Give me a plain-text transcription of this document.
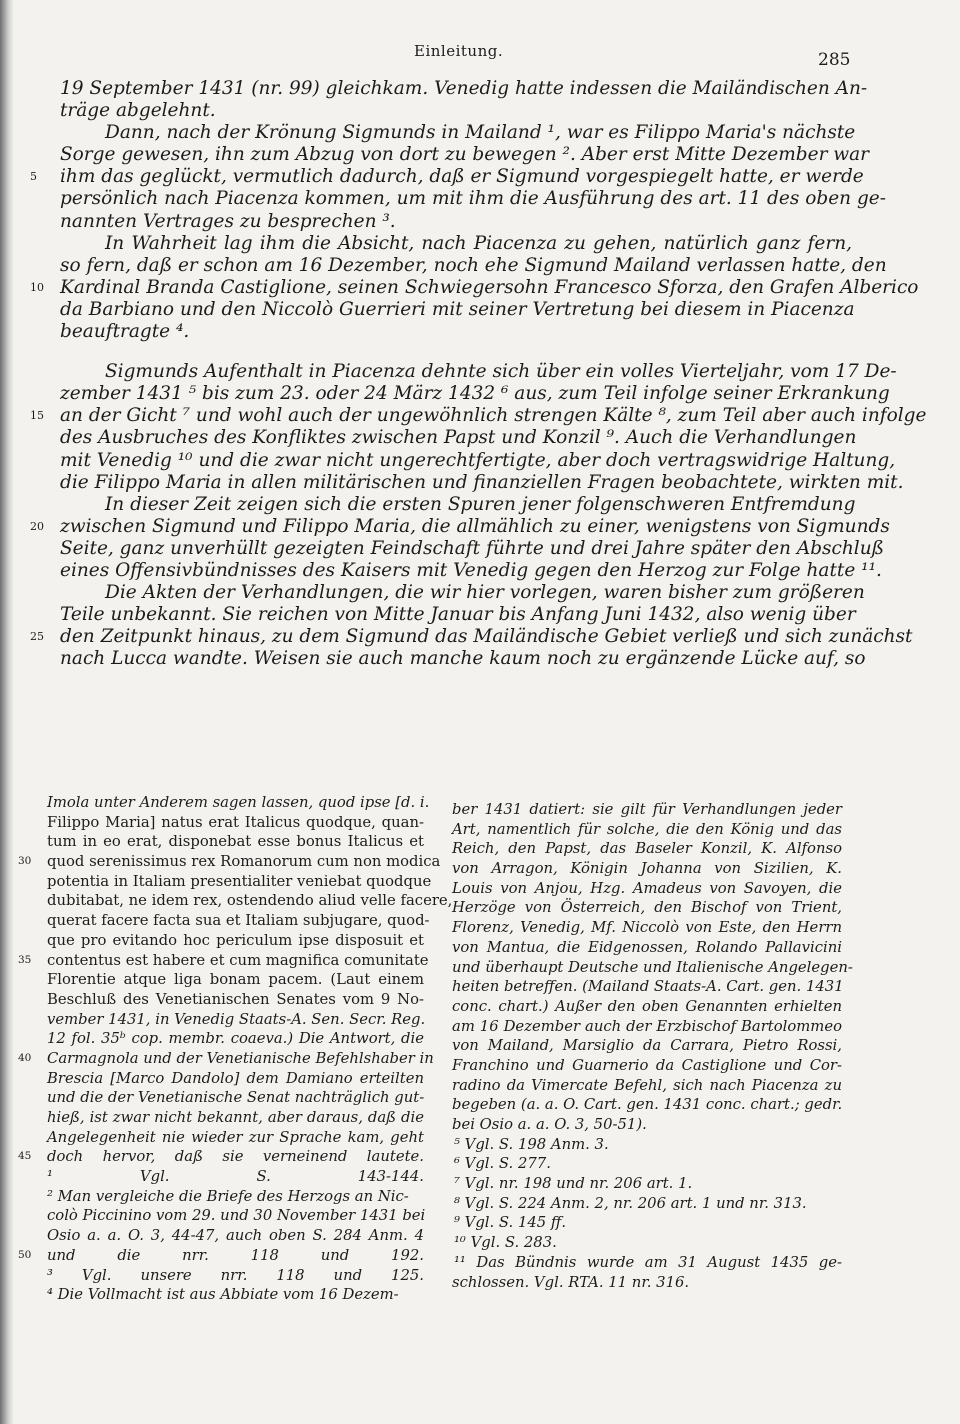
Einleitung.	285
19 September 1431 (nr. 99) gleichkam. Venedig hatte indessen die Mailändischen An-
träge abgelehnt.
Dann, nach der Krönung Sigmunds in Mailand ¹, war es Filippo Maria's nächste
Sorge gewesen, ihn zum Abzug von dort zu bewegen ². Aber erst Mitte Dezember war
5	ihm das geglückt, vermutlich dadurch, daß er Sigmund vorgespiegelt hatte, er werde
persönlich nach Piacenza kommen, um mit ihm die Ausführung des art. 11 des oben ge-
nannten Vertrages zu besprechen ³.
In Wahrheit lag ihm die Absicht, nach Piacenza zu gehen, natürlich ganz fern,
so fern, daß er schon am 16 Dezember, noch ehe Sigmund Mailand verlassen hatte, den
10 Kardinal Branda Castiglione, seinen Schwiegersohn Francesco Sforza, den Grafen Alberico
da Barbiano und den Niccolò Guerrieri mit seiner Vertretung bei diesem in Piacenza
beauftragte ⁴.
Sigmunds Aufenthalt in Piacenza dehnte sich über ein volles Vierteljahr, vom 17 De-
zember 1431 ⁵ bis zum 23. oder 24 März 1432 ⁶ aus, zum Teil infolge seiner Erkrankung
15 an der Gicht ⁷ und wohl auch der ungewöhnlich strengen Kälte ⁸, zum Teil aber auch infolge
des Ausbruches des Konfliktes zwischen Papst und Konzil ⁹. Auch die Verhandlungen
mit Venedig ¹⁰ und die zwar nicht ungerechtfertigte, aber doch vertragswidrige Haltung,
die Filippo Maria in allen militärischen und finanziellen Fragen beobachtete, wirkten mit.
In dieser Zeit zeigen sich die ersten Spuren jener folgenschweren Entfremdung
20 zwischen Sigmund und Filippo Maria, die allmählich zu einer, wenigstens von Sigmunds
Seite, ganz unverhüllt gezeigten Feindschaft führte und drei Jahre später den Abschluß
eines Offensivbündnisses des Kaisers mit Venedig gegen den Herzog zur Folge hatte ¹¹.
Die Akten der Verhandlungen, die wir hier vorlegen, waren bisher zum größeren
Teile unbekannt. Sie reichen von Mitte Januar bis Anfang Juni 1432, also wenig über
25 den Zeitpunkt hinaus, zu dem Sigmund das Mailändische Gebiet verließ und sich zunächst
nach Lucca wandte. Weisen sie auch manche kaum noch zu ergänzende Lücke auf, so
Imola unter Anderem sagen lassen, quod ipse [d. i.
Filippo Maria] natus erat Italicus quodque, quan-
tum in eo erat, disponebat esse bonus Italicus et
30	quod serenissimus rex Romanorum cum non modica
potentia in Italiam presentialiter veniebat quodque
dubitabat, ne idem rex, ostendendo aliud velle facere,
querat facere facta sua et Italiam subjugare, quod-
que pro evitando hoc periculum ipse disposuit et
35	contentus est habere et cum magnifica comunitate
Florentie atque liga bonam pacem. (Laut einem
Beschluß des Venetianischen Senates vom 9 No-
vember 1431, in Venedig Staats-A. Sen. Secr. Reg.
12 fol. 35ᵇ cop. membr. coaeva.) Die Antwort, die
40	Carmagnola und der Venetianische Befehlshaber in
Brescia [Marco Dandolo] dem Damiano erteilten
und die der Venetianische Senat nachträglich gut-
hieß, ist zwar nicht bekannt, aber daraus, daß die
Angelegenheit nie wieder zur Sprache kam, geht
45	doch hervor, daß sie verneinend lautete.
¹ Vgl. S. 143-144.
² Man vergleiche die Briefe des Herzogs an Nic-
colò Piccinino vom 29. und 30 November 1431 bei
Osio a. a. O. 3, 44-47, auch oben S. 284 Anm. 4
50	und die nrr. 118 und 192.
³ Vgl. unsere nrr. 118 und 125.
⁴ Die Vollmacht ist aus Abbiate vom 16 Dezem-
ber 1431 datiert: sie gilt für Verhandlungen jeder
Art, namentlich für solche, die den König und das
Reich, den Papst, das Baseler Konzil, K. Alfonso
von Arragon, Königin Johanna von Sizilien, K.
Louis von Anjou, Hzg. Amadeus von Savoyen, die
Herzöge von Österreich, den Bischof von Trient,
Florenz, Venedig, Mf. Niccolò von Este, den Herrn
von Mantua, die Eidgenossen, Rolando Pallavicini
und überhaupt Deutsche und Italienische Angelegen-
heiten betreffen. (Mailand Staats-A. Cart. gen. 1431
conc. chart.) Außer den oben Genannten erhielten
am 16 Dezember auch der Erzbischof Bartolommeo
von Mailand, Marsiglio da Carrara, Pietro Rossi,
Franchino und Guarnerio da Castiglione und Cor-
radino da Vimercate Befehl, sich nach Piacenza zu
begeben (a. a. O. Cart. gen. 1431 conc. chart.; gedr.
bei Osio a. a. O. 3, 50-51).
⁵ Vgl. S. 198 Anm. 3.
⁶ Vgl. S. 277.
⁷ Vgl. nr. 198 und nr. 206 art. 1.
⁸ Vgl. S. 224 Anm. 2, nr. 206 art. 1 und nr. 313.
⁹ Vgl. S. 145 ff.
¹⁰ Vgl. S. 283.
¹¹ Das Bündnis wurde am 31 August 1435 ge-
schlossen. Vgl. RTA. 11 nr. 316.
